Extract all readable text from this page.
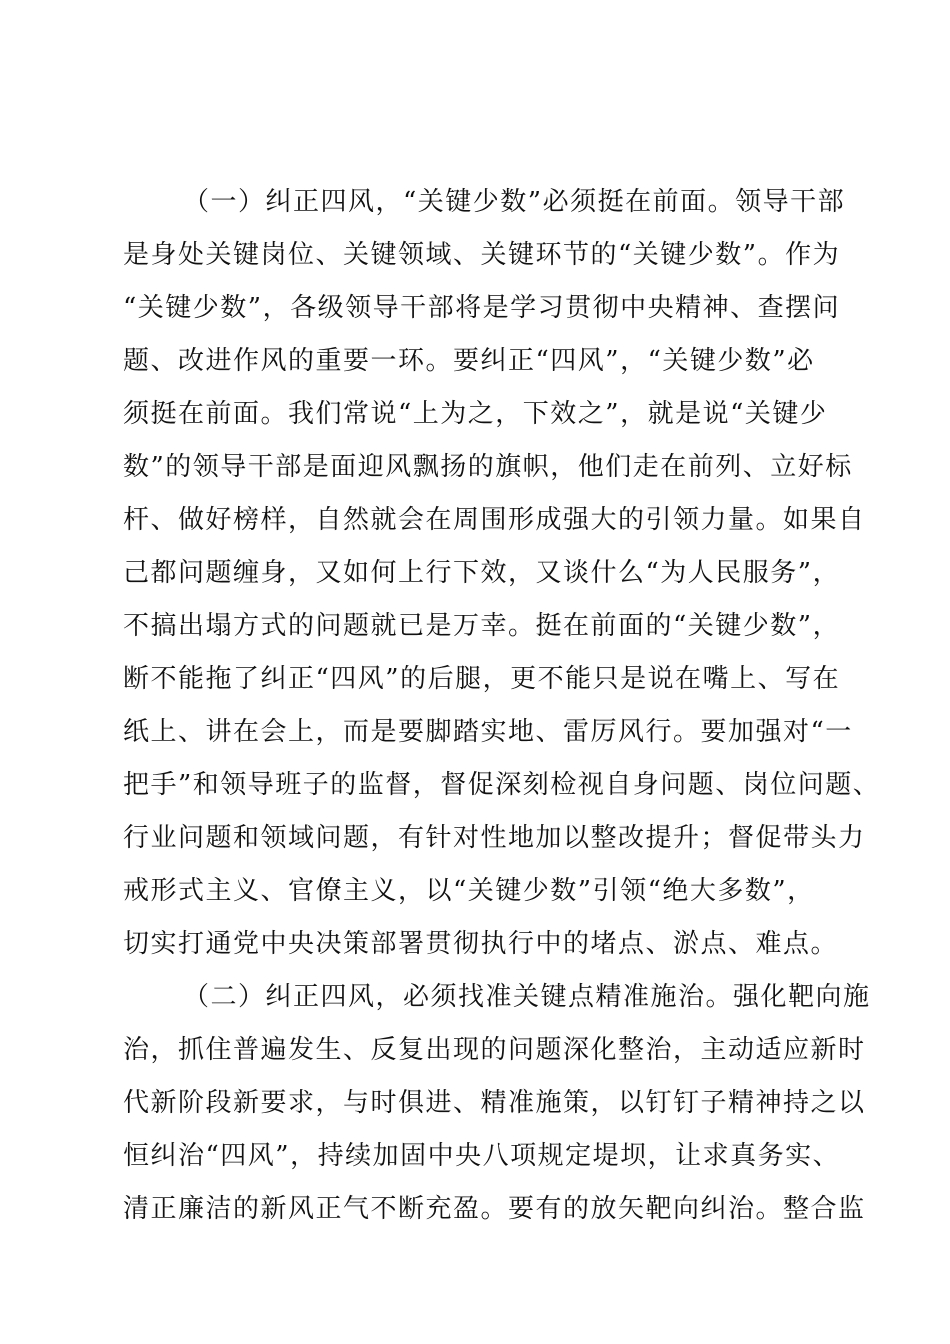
（一）纠正四风，“关键少数”必须挺在前面。领导干部
是身处关键岗位、关键领域、关键环节的“关键少数”。作为
“关键少数”，各级领导干部将是学习贯彻中央精神、查摆问
题、改进作风的重要一环。要纠正“四风”，“关键少数”必
须挺在前面。我们常说“上为之，下效之”，就是说“关键少
数”的领导干部是面迎风飘扬的旗帜，他们走在前列、立好标
杆、做好榜样，自然就会在周围形成强大的引领力量。如果自
己都问题缠身，又如何上行下效，又谈什么“为人民服务”，
不搞出塌方式的问题就已是万幸。挺在前面的“关键少数”，
断不能拖了纠正“四风”的后腿，更不能只是说在嘴上、写在
纸上、讲在会上，而是要脚踏实地、雷厉风行。要加强对“一
把手”和领导班子的监督，督促深刻检视自身问题、岗位问题、
行业问题和领域问题，有针对性地加以整改提升；督促带头力
戒形式主义、官僚主义，以“关键少数”引领“绝大多数”，
切实打通党中央决策部署贯彻执行中的堵点、淤点、难点。
（二）纠正四风，必须找准关键点精准施治。强化靶向施
治，抓住普遍发生、反复出现的问题深化整治，主动适应新时
代新阶段新要求，与时俱进、精准施策，以钉钉子精神持之以
恒纠治“四风”，持续加固中央八项规定堤坝，让求真务实、
清正廉洁的新风正气不断充盈。要有的放矢靶向纠治。整合监
